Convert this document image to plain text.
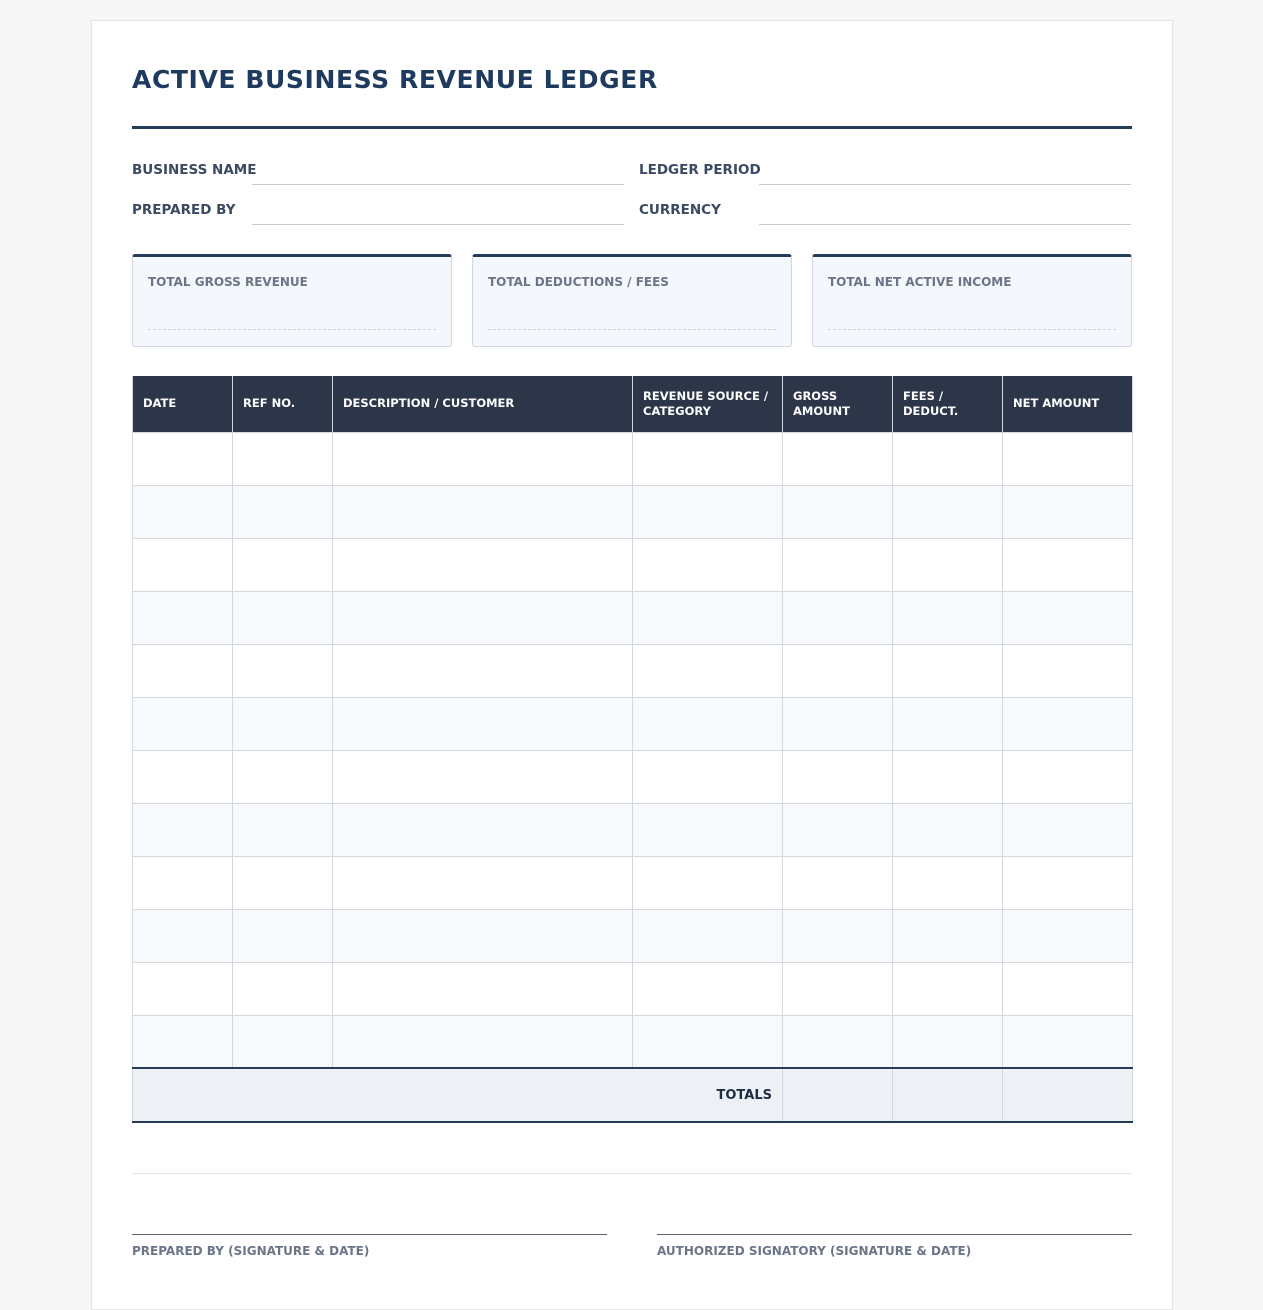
ACTIVE BUSINESS REVENUE LEDGER
BUSINESS NAME	LEDGER PERIOD
PREPARED BY	CURRENCY
TOTAL GROSS REVENUE	TOTAL DEDUCTIONS / FEES	TOTAL NET ACTIVE INCOME
DATE	REF NO.	DESCRIPTION / CUSTOMER	REVENUE SOURCE / CATEGORY	GROSS AMOUNT	FEES / DEDUCT.	NET AMOUNT

TOTALS						
PREPARED BY (SIGNATURE & DATE)	AUTHORIZED SIGNATORY (SIGNATURE & DATE)
